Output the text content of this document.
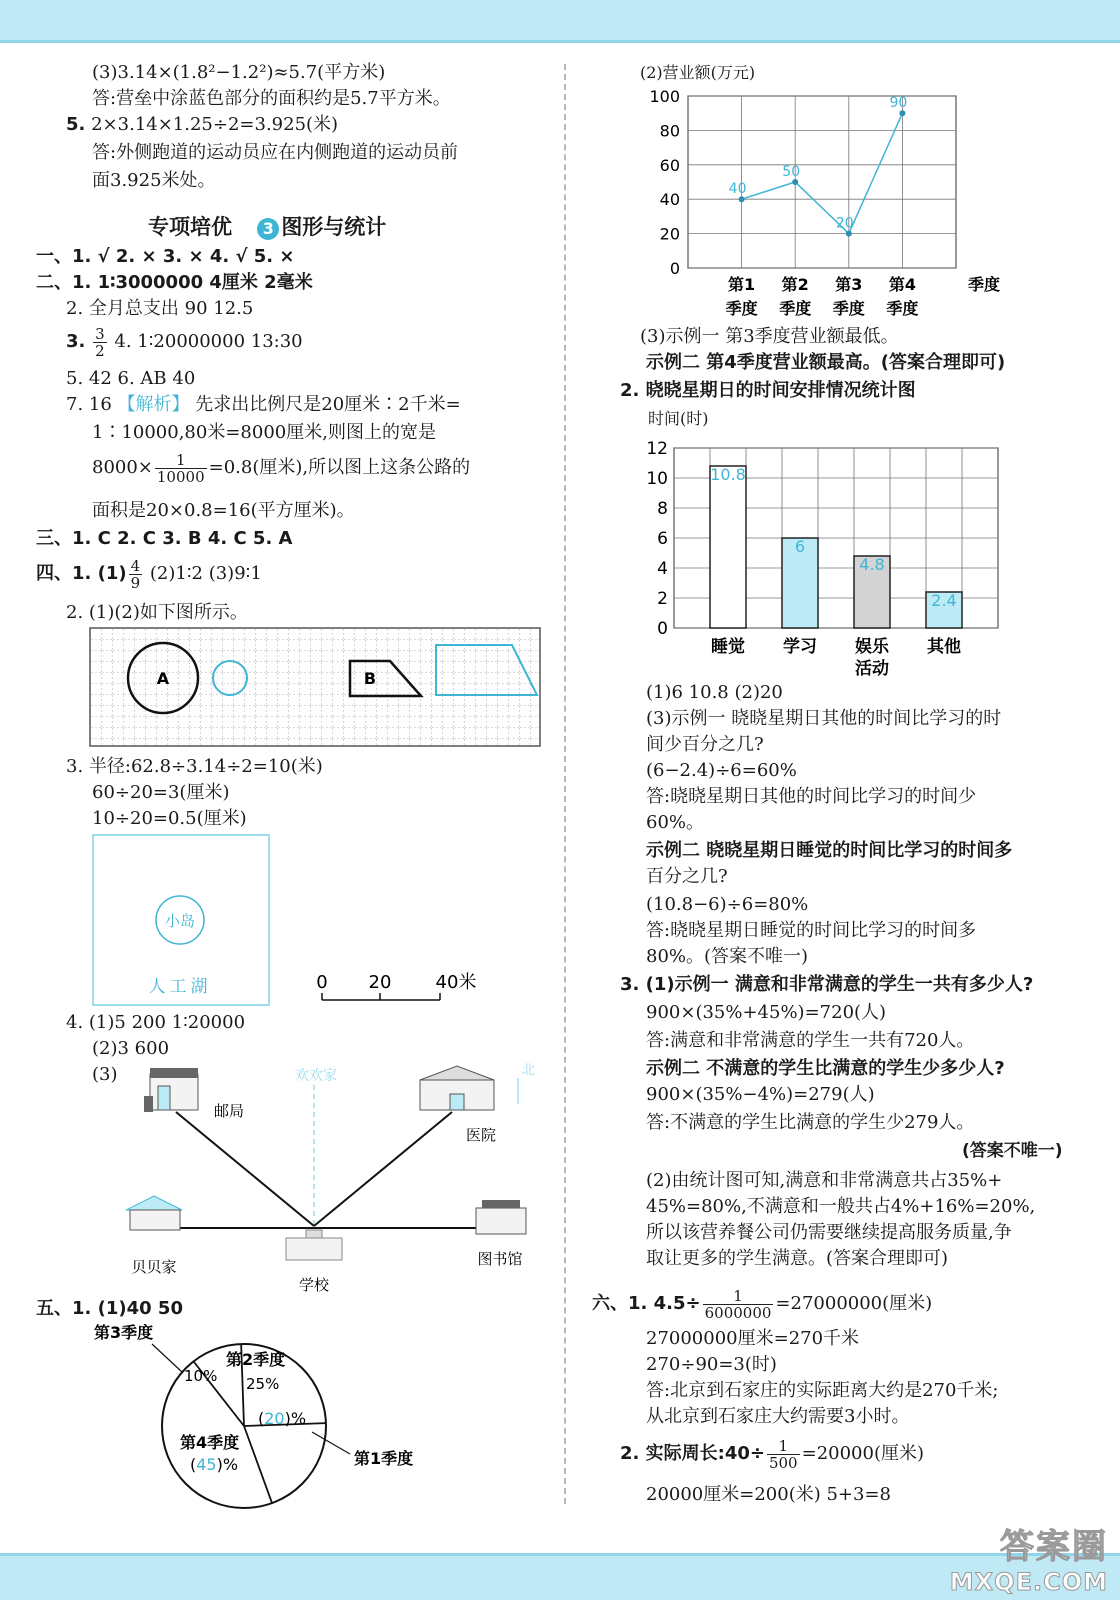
(3)3.14×(1.8²−1.2²)≈5.7(平方米)
答:营垒中涂蓝色部分的面积约是5.7平方米。
5. 2×3.14×1.25÷2=3.925(米)
答:外侧跑道的运动员应在内侧跑道的运动员前
面3.925米处。
专项培优 3 图形与统计
一、1. √ 2. × 3. × 4. √ 5. ×
二、1. 1∶3000000 4厘米 2毫米
2. 全月总支出 90 12.5
3. $\frac{3}{2} 4$. 1∶20000000 13:30
5. 42 6. AB 40
7. 16 【解析】 先求出比例尺是20厘米∶2千米=
1∶10000,80米=8000厘米,则图上的宽是
$8000\times \frac{1}{10000} =0.8$(厘米),所以图上这条公路的
面积是20×0.8=16(平方厘米)。
三、1. C 2. C 3. B 4. C 5. A
四、1. $(1) \frac{4}{9}$ (2)1∶2 (3)9∶1
2. (1)(2)如下图所示。
A	B
3. 半径:62.8÷3.14÷2=10(米)
60÷20=3(厘米)
10÷20=0.5(厘米)
小岛
人工湖	0 20 40米
4. (1)5 200 1∶20000
(2)3 600
(3)	欢欢家	北
邮局
医院
贝贝家
学校
图书馆
五、1. (1)40 50
第3季度
10%
第2季度
25%
(20)%
第4季度
(45)%	第1季度
(2)营业额(万元)
0
20
40
60
80
100
40
50
20
90
第1
季度
第2
季度
第3
季度
第4
季度
季度
(3)示例一 第3季度营业额最低。
示例二 第4季度营业额最高。(答案合理即可)
2. 晓晓星期日的时间安排情况统计图
时间(时)
0
2
4
6
8
10
12
10.8
6
4.8
2.4
睡觉 学习 娱乐
活动
其他
(1)6 10.8 (2)20
(3)示例一 晓晓星期日其他的时间比学习的时
间少百分之几?
(6−2.4)÷6=60%
答:晓晓星期日其他的时间比学习的时间少
60%。
示例二 晓晓星期日睡觉的时间比学习的时间多
百分之几?
(10.8−6)÷6=80%
答:晓晓星期日睡觉的时间比学习的时间多
80%。(答案不唯一)
3. (1)示例一 满意和非常满意的学生一共有多少人?
900×(35%+45%)=720(人)
答:满意和非常满意的学生一共有720人。
示例二 不满意的学生比满意的学生少多少人?
900×(35%−4%)=279(人)
答:不满意的学生比满意的学生少279人。
(答案不唯一)
(2)由统计图可知,满意和非常满意共占35%+
45%=80%,不满意和一般共占4%+16%=20%,
所以该营养餐公司仍需要继续提高服务质量,争
取让更多的学生满意。(答案合理即可)
六、1. $4.5\div \frac{1}{6000000} =27000000$(厘米)
27000000厘米=270千米
270÷90=3(时)
答:北京到石家庄的实际距离大约是270千米;
从北京到石家庄大约需要3小时。
2. 实际周长:40÷ $\frac{1}{500} =20000$(厘米)
20000厘米=200(米) 5+3=8
答案圈
MXQE.COM
